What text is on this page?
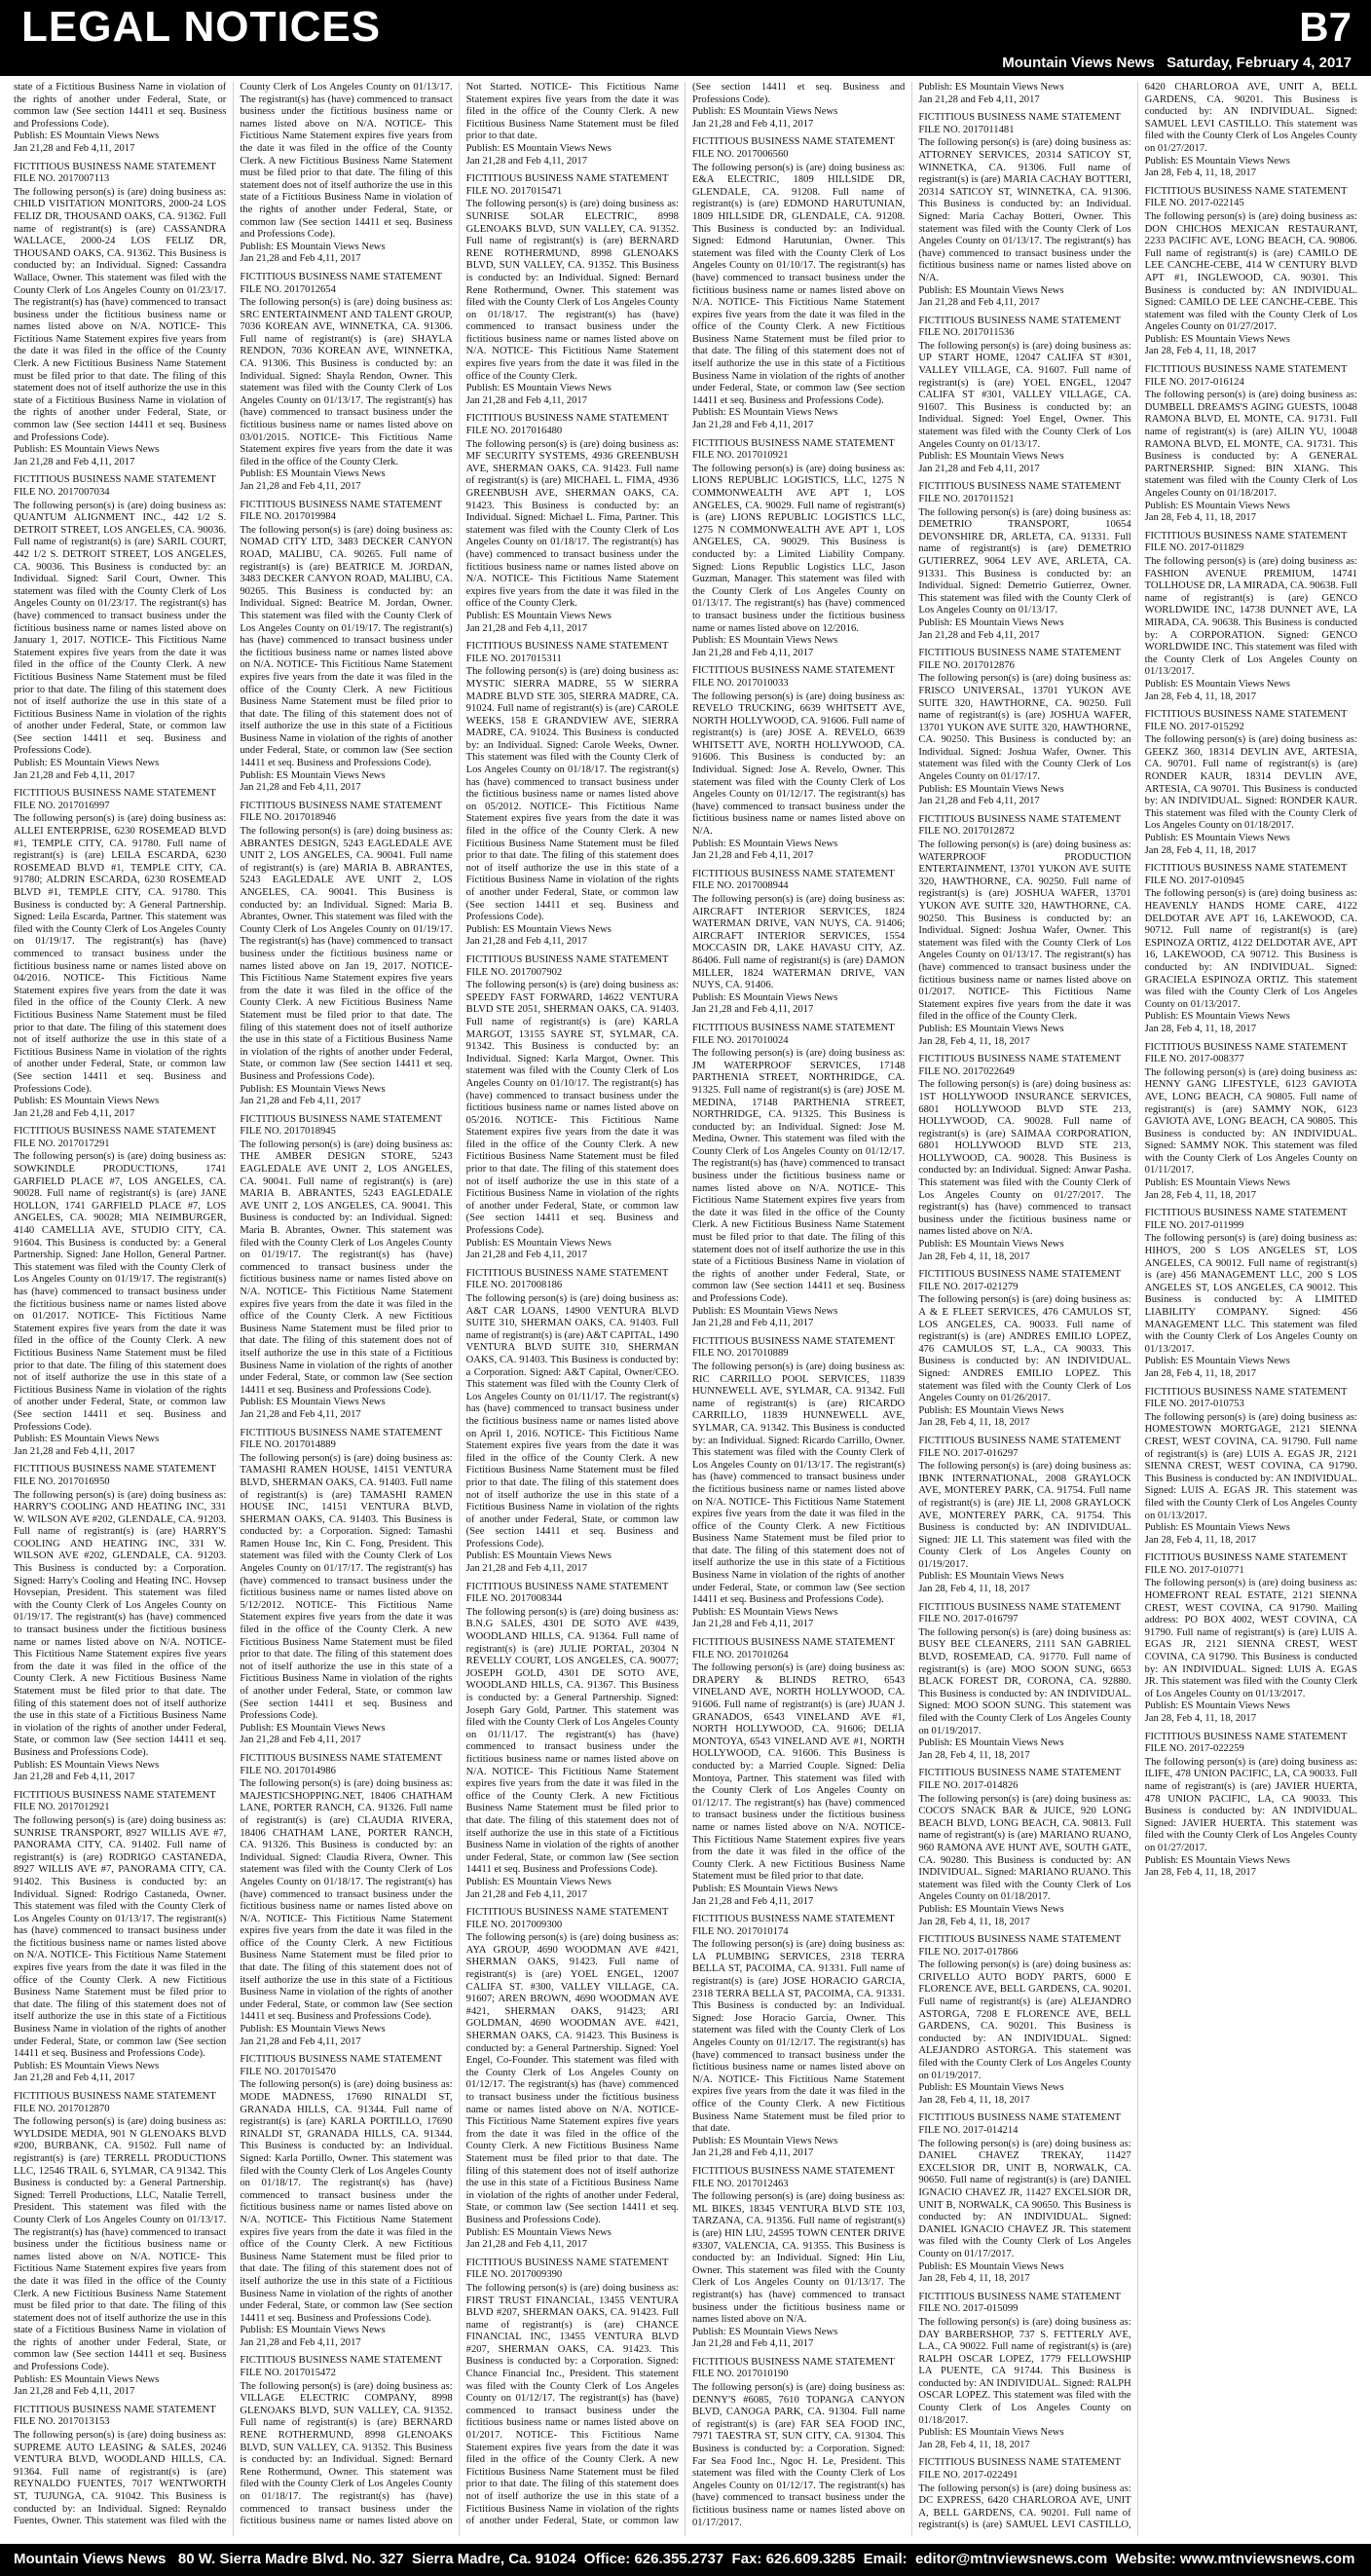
LEGAL NOTICES	B7
Mountain Views News   Saturday, February 4, 2017
state of a Fictitious Business Name in violation of the rights of another under Federal, State, or common law (See section 14411 et seq. Business and Professions Code).
Publish: ES Mountain Views News
Jan 21,28 and Feb 4,11, 2017
FICTITIOUS BUSINESS NAME STATEMENT FILE NO. 2017007113
The following person(s) is (are) doing business as: CHILD VISITATION MONITORS, 2000-24 LOS FELIZ DR, THOUSAND OAKS, CA. 91362. Full name of registrant(s) is (are) CASSANDRA WALLACE, 2000-24 LOS FELIZ DR, THOUSAND OAKS, CA. 91362. This Business is conducted by: an Individual. Signed: Cassandra Wallace, Owner. This statement was filed with the County Clerk of Los Angeles County on 01/23/17. The registrant(s) has (have) commenced to transact business under the fictitious business name or names listed above on N/A. NOTICE- This Fictitious Name Statement expires five years from the date it was filed in the office of the County Clerk. A new Fictitious Business Name Statement must be filed prior to that date. The filing of this statement does not of itself authorize the use in this state of a Fictitious Business Name in violation of the rights of another under Federal, State, or common law (See section 14411 et seq. Business and Professions Code).
Publish: ES Mountain Views News
Jan 21,28 and Feb 4,11, 2017
FICTITIOUS BUSINESS NAME STATEMENT FILE NO. 2017007034
The following person(s) is (are) doing business as: QUANTUM ALIGNMENT INC., 442 1/2 S. DETROIT STREET, LOS ANGELES, CA. 90036. Full name of registrant(s) is (are) SARIL COURT, 442 1/2 S. DETROIT STREET, LOS ANGELES, CA. 90036. This Business is conducted by: an Individual. Signed: Saril Court, Owner. This statement was filed with the County Clerk of Los Angeles County on 01/23/17. The registrant(s) has (have) commenced to transact business under the fictitious business name or names listed above on January 1, 2017. NOTICE- This Fictitious Name Statement expires five years from the date it was filed in the office of the County Clerk. A new Fictitious Business Name Statement must be filed prior to that date. The filing of this statement does not of itself authorize the use in this state of a Fictitious Business Name in violation of the rights of another under Federal, State, or common law (See section 14411 et seq. Business and Professions Code).
Publish: ES Mountain Views News
Jan 21,28 and Feb 4,11, 2017
FICTITIOUS BUSINESS NAME STATEMENT FILE NO. 2017016997
The following person(s) is (are) doing business as: ALLEI ENTERPRISE, 6230 ROSEMEAD BLVD #1, TEMPLE CITY, CA. 91780. Full name of registrant(s) is (are) LEILA ESCARDA, 6230 ROSEMEAD BLVD #1, TEMPLE CITY, CA. 91780; ALDRIN ESCARDA, 6230 ROSEMEAD BLVD #1, TEMPLE CITY, CA. 91780. This Business is conducted by: A General Partnership. Signed: Leila Escarda, Partner. This statement was filed with the County Clerk of Los Angeles County on 01/19/17. The registrant(s) has (have) commenced to transact business under the fictitious business name or names listed above on 04/2016. NOTICE- This Fictitious Name Statement expires five years from the date it was filed in the office of the County Clerk. A new Fictitious Business Name Statement must be filed prior to that date. The filing of this statement does not of itself authorize the use in this state of a Fictitious Business Name in violation of the rights of another under Federal, State, or common law (See section 14411 et seq. Business and Professions Code).
Publish: ES Mountain Views News
Jan 21,28 and Feb 4,11, 2017
FICTITIOUS BUSINESS NAME STATEMENT FILE NO. 2017017291
The following person(s) is (are) doing business as: SOWKINDLE PRODUCTIONS, 1741 GARFIELD PLACE #7, LOS ANGELES, CA. 90028. Full name of registrant(s) is (are) JANE HOLLON, 1741 GARFIELD PLACE #7, LOS ANGELES, CA. 90028; MIA NEIMBURGER, 4140 CAMELLIA AVE, STUDIO CITY, CA. 91604. This Business is conducted by: a General Partnership. Signed: Jane Hollon, General Partner. This statement was filed with the County Clerk of Los Angeles County on 01/19/17. The registrant(s) has (have) commenced to transact business under the fictitious business name or names listed above on 01/2017. NOTICE- This Fictitious Name Statement expires five years from the date it was filed in the office of the County Clerk. A new Fictitious Business Name Statement must be filed prior to that date. The filing of this statement does not of itself authorize the use in this state of a Fictitious Business Name in violation of the rights of another under Federal, State, or common law (See section 14411 et seq. Business and Professions Code).
Publish: ES Mountain Views News
Jan 21,28 and Feb 4,11, 2017
FICTITIOUS BUSINESS NAME STATEMENT FILE NO. 2017016950
The following person(s) is (are) doing business as: HARRY'S COOLING AND HEATING INC, 331 W. WILSON AVE #202, GLENDALE, CA. 91203. Full name of registrant(s) is (are) HARRY'S COOLING AND HEATING INC, 331 W. WILSON AVE #202, GLENDALE, CA. 91203. This Business is conducted by: a Corporation. Signed: Harry's Cooling and Heating INC. Hovsep Hovsepian, President. This statement was filed with the County Clerk of Los Angeles County on 01/19/17. The registrant(s) has (have) commenced to transact business under the fictitious business name or names listed above on N/A. NOTICE- This Fictitious Name Statement expires five years from the date it was filed in the office of the County Clerk. A new Fictitious Business Name Statement must be filed prior to that date. The filing of this statement does not of itself authorize the use in this state of a Fictitious Business Name in violation of the rights of another under Federal, State, or common law (See section 14411 et seq. Business and Professions Code).
Publish: ES Mountain Views News
Jan 21,28 and Feb 4,11, 2017
FICTITIOUS BUSINESS NAME STATEMENT FILE NO. 2017012921
The following person(s) is (are) doing business as: SUNRISE TRANSPORT, 8927 WILLIS AVE #7, PANORAMA CITY, CA. 91402. Full name of registrant(s) is (are) RODRIGO CASTANEDA, 8927 WILLIS AVE #7, PANORAMA CITY, CA. 91402. This Business is conducted by: an Individual. Signed: Rodrigo Castaneda, Owner. This statement was filed with the County Clerk of Los Angeles County on 01/13/17. The registrant(s) has (have) commenced to transact business under the fictitious business name or names listed above on N/A. NOTICE- This Fictitious Name Statement expires five years from the date it was filed in the office of the County Clerk. A new Fictitious Business Name Statement must be filed prior to that date. The filing of this statement does not of itself authorize the use in this state of a Fictitious Business Name in violation of the rights of another under Federal, State, or common law (See section 14411 et seq. Business and Professions Code).
Publish: ES Mountain Views News
Jan 21,28 and Feb 4,11, 2017
FICTITIOUS BUSINESS NAME STATEMENT FILE NO. 2017012870
The following person(s) is (are) doing business as: WYLDSIDE MEDIA, 901 N GLENOAKS BLVD #200, BURBANK, CA. 91502. Full name of registrant(s) is (are) TERRELL PRODUCTIONS LLC, 12546 TRAIL 6, SYLMAR, CA 91342. This Business is conducted by: a General Partnership. Signed: Terrell Productions, LLC, Natalie Terrell, President. This statement was filed with the County Clerk of Los Angeles County on 01/13/17. The registrant(s) has (have) commenced to transact business under the fictitious business name or names listed above on N/A. NOTICE- This Fictitious Name Statement expires five years from the date it was filed in the office of the County Clerk. A new Fictitious Business Name Statement must be filed prior to that date. The filing of this statement does not of itself authorize the use in this state of a Fictitious Business Name in violation of the rights of another under Federal, State, or common law (See section 14411 et seq. Business and Professions Code).
Publish: ES Mountain Views News
Jan 21,28 and Feb 4,11, 2017
FICTITIOUS BUSINESS NAME STATEMENT FILE NO. 2017013153
The following person(s) is (are) doing business as: SUPREME AUTO LEASING & SALES, 20246 VENTURA BLVD, WOODLAND HILLS, CA. 91364. Full name of registrant(s) is (are) REYNALDO FUENTES, 7017 WENTWORTH ST, TUJUNGA, CA. 91042. This Business is conducted by: an Individual. Signed: Reynaldo Fuentes, Owner. This statement was filed with the County Clerk of Los Angeles County on 01/13/17. The registrant(s) has (have) commenced to transact business under the fictitious business name or names listed above on N/A. NOTICE- This Fictitious Name Statement expires five years from the date it was filed in the office of the County Clerk. A new Fictitious Business Name Statement must be filed prior to that date. The filing of this statement does not of itself authorize the use in this state of a Fictitious Business Name in violation of the rights of another under Federal, State, or common law (See section 14411 et seq. Business and Professions Code).
Publish: ES Mountain Views News
Jan 21,28 and Feb 4,11, 2017
FICTITIOUS BUSINESS NAME STATEMENT FILE NO. 2017012654
The following person(s) is (are) doing business as: SRC ENTERTAINMENT AND TALENT GROUP, 7036 KOREAN AVE, WINNETKA, CA. 91306. Full name of registrant(s) is (are) SHAYLA RENDON, 7036 KOREAN AVE, WINNETKA, CA. 91306. This Business is conducted by: an Individual. Signed: Shayla Rendon, Owner. This statement was filed with the County Clerk of Los Angeles County on 01/13/17. The registrant(s) has (have) commenced to transact business under the fictitious business name or names listed above on 03/01/2015. NOTICE- This Fictitious Name Statement expires five years from the date it was filed in the office of the County Clerk.
Publish: ES Mountain Views News
Jan 21,28 and Feb 4,11, 2017
FICTITIOUS BUSINESS NAME STATEMENT FILE NO. 2017019984
The following person(s) is (are) doing business as: NOMAD CITY LTD, 3483 DECKER CANYON ROAD, MALIBU, CA. 90265. Full name of registrant(s) is (are) BEATRICE M. JORDAN, 3483 DECKER CANYON ROAD, MALIBU, CA. 90265. This Business is conducted by: an Individual. Signed: Beatrice M. Jordan, Owner. This statement was filed with the County Clerk of Los Angeles County on 01/19/17. The registrant(s) has (have) commenced to transact business under the fictitious business name or names listed above on N/A. NOTICE- This Fictitious Name Statement expires five years from the date it was filed in the office of the County Clerk. A new Fictitious Business Name Statement must be filed prior to that date. The filing of this statement does not of itself authorize the use in this state of a Fictitious Business Name in violation of the rights of another under Federal, State, or common law (See section 14411 et seq. Business and Professions Code).
Publish: ES Mountain Views News
Jan 21,28 and Feb 4,11, 2017
FICTITIOUS BUSINESS NAME STATEMENT FILE NO. 2017018946
The following person(s) is (are) doing business as: ABRANTES DESIGN, 5243 EAGLEDALE AVE UNIT 2, LOS ANGELES, CA. 90041. Full name of registrant(s) is (are) MARIA B. ABRANTES, 5243 EAGLEDALE AVE UNIT 2, LOS ANGELES, CA. 90041. This Business is conducted by: an Individual. Signed: Maria B. Abrantes, Owner. This statement was filed with the County Clerk of Los Angeles County on 01/19/17. The registrant(s) has (have) commenced to transact business under the fictitious business name or names listed above on Jan 19, 2017. NOTICE- This Fictitious Name Statement expires five years from the date it was filed in the office of the County Clerk. A new Fictitious Business Name Statement must be filed prior to that date. The filing of this statement does not of itself authorize the use in this state of a Fictitious Business Name in violation of the rights of another under Federal, State, or common law (See section 14411 et seq. Business and Professions Code).
Publish: ES Mountain Views News
Jan 21,28 and Feb 4,11, 2017
FICTITIOUS BUSINESS NAME STATEMENT FILE NO. 2017018945
The following person(s) is (are) doing business as: THE AMBER DESIGN STORE, 5243 EAGLEDALE AVE UNIT 2, LOS ANGELES, CA. 90041. Full name of registrant(s) is (are) MARIA B. ABRANTES, 5243 EAGLEDALE AVE UNIT 2, LOS ANGELES, CA. 90041. This Business is conducted by: an Individual. Signed: Maria B. Abrantes, Owner. This statement was filed with the County Clerk of Los Angeles County on 01/19/17. The registrant(s) has (have) commenced to transact business under the fictitious business name or names listed above on N/A. NOTICE- This Fictitious Name Statement expires five years from the date it was filed in the office of the County Clerk. A new Fictitious Business Name Statement must be filed prior to that date. The filing of this statement does not of itself authorize the use in this state of a Fictitious Business Name in violation of the rights of another under Federal, State, or common law (See section 14411 et seq. Business and Professions Code).
Publish: ES Mountain Views News
Jan 21,28 and Feb 4,11, 2017
FICTITIOUS BUSINESS NAME STATEMENT FILE NO. 2017014889
The following person(s) is (are) doing business as: TAMASHI RAMEN HOUSE, 14151 VENTURA BLVD, SHERMAN OAKS, CA. 91403. Full name of registrant(s) is (are) TAMASHI RAMEN HOUSE INC, 14151 VENTURA BLVD, SHERMAN OAKS, CA. 91403. This Business is conducted by: a Corporation. Signed: Tamashi Ramen House Inc, Kin C. Fong, President. This statement was filed with the County Clerk of Los Angeles County on 01/17/17. The registrant(s) has (have) commenced to transact business under the fictitious business name or names listed above on 5/12/2012. NOTICE- This Fictitious Name Statement expires five years from the date it was filed in the office of the County Clerk. A new Fictitious Business Name Statement must be filed prior to that date. The filing of this statement does not of itself authorize the use in this state of a Fictitious Business Name in violation of the rights of another under Federal, State, or common law (See section 14411 et seq. Business and Professions Code).
Publish: ES Mountain Views News
Jan 21,28 and Feb 4,11, 2017
FICTITIOUS BUSINESS NAME STATEMENT FILE NO. 2017014986
The following person(s) is (are) doing business as: MAJESTICSHOPPING.NET, 18406 CHATHAM LANE, PORTER RANCH, CA. 91326. Full name of registrant(s) is (are) CLAUDIA RIVERA, 18406 CHATHAM LANE, PORTER RANCH, CA. 91326. This Business is conducted by: an Individual. Signed: Claudia Rivera, Owner. This statement was filed with the County Clerk of Los Angeles County on 01/18/17. The registrant(s) has (have) commenced to transact business under the fictitious business name or names listed above on N/A. NOTICE- This Fictitious Name Statement expires five years from the date it was filed in the office of the County Clerk. A new Fictitious Business Name Statement must be filed prior to that date. The filing of this statement does not of itself authorize the use in this state of a Fictitious Business Name in violation of the rights of another under Federal, State, or common law (See section 14411 et seq. Business and Professions Code).
Publish: ES Mountain Views News
Jan 21,28 and Feb 4,11, 2017
FICTITIOUS BUSINESS NAME STATEMENT FILE NO. 2017015470
The following person(s) is (are) doing business as: MODE MADNESS, 17690 RINALDI ST, GRANADA HILLS, CA. 91344. Full name of registrant(s) is (are) KARLA PORTILLO, 17690 RINALDI ST, GRANADA HILLS, CA. 91344. This Business is conducted by: an Individual. Signed: Karla Portillo, Owner. This statement was filed with the County Clerk of Los Angeles County on 01/18/17. The registrant(s) has (have) commenced to transact business under the fictitious business name or names listed above on N/A. NOTICE- This Fictitious Name Statement expires five years from the date it was filed in the office of the County Clerk. A new Fictitious Business Name Statement must be filed prior to that date. The filing of this statement does not of itself authorize the use in this state of a Fictitious Business Name in violation of the rights of another under Federal, State, or common law (See section 14411 et seq. Business and Professions Code).
Publish: ES Mountain Views News
Jan 21,28 and Feb 4,11, 2017
FICTITIOUS BUSINESS NAME STATEMENT FILE NO. 2017015472
The following person(s) is (are) doing business as: VILLAGE ELECTRIC COMPANY, 8998 GLENOAKS BLVD, SUN VALLEY, CA. 91352. Full name of registrant(s) is (are) BERNARD RENE ROTHERMUND, 8998 GLENOAKS BLVD, SUN VALLEY, CA. 91352. This Business is conducted by: an Individual. Signed: Bernard Rene Rothermund, Owner. This statement was filed with the County Clerk of Los Angeles County on 01/18/17. The registrant(s) has (have) commenced to transact business under the fictitious business name or names listed above on Not Started. NOTICE- This Fictitious Name Statement expires five years from the date it was filed in the office of the County Clerk. A new Fictitious Business Name Statement must be filed prior to that date.
Publish: ES Mountain Views News
Jan 21,28 and Feb 4,11, 2017
FICTITIOUS BUSINESS NAME STATEMENT FILE NO. 2017015471
The following person(s) is (are) doing business as: SUNRISE SOLAR ELECTRIC, 8998 GLENOAKS BLVD, SUN VALLEY, CA. 91352. Full name of registrant(s) is (are) BERNARD RENE ROTHERMUND, 8998 GLENOAKS BLVD, SUN VALLEY, CA. 91352. This Business is conducted by: an Individual. Signed: Bernard Rene Rothermund, Owner. This statement was filed with the County Clerk of Los Angeles County on 01/18/17. The registrant(s) has (have) commenced to transact business under the fictitious business name or names listed above on N/A. NOTICE- This Fictitious Name Statement expires five years from the date it was filed in the office of the County Clerk.
Publish: ES Mountain Views News
Jan 21,28 and Feb 4,11, 2017
FICTITIOUS BUSINESS NAME STATEMENT FILE NO. 2017016480
The following person(s) is (are) doing business as: MF SECURITY SYSTEMS, 4936 GREENBUSH AVE, SHERMAN OAKS, CA. 91423. Full name of registrant(s) is (are) MICHAEL L. FIMA, 4936 GREENBUSH AVE, SHERMAN OAKS, CA. 91423. This Business is conducted by: an Individual. Signed: Michael L. Fima, Partner. This statement was filed with the County Clerk of Los Angeles County on 01/18/17. The registrant(s) has (have) commenced to transact business under the fictitious business name or names listed above on N/A. NOTICE- This Fictitious Name Statement expires five years from the date it was filed in the office of the County Clerk.
Publish: ES Mountain Views News
Jan 21,28 and Feb 4,11, 2017
FICTITIOUS BUSINESS NAME STATEMENT FILE NO. 2017015311
The following person(s) is (are) doing business as: MYSTIC SIERRA MADRE, 55 W SIERRA MADRE BLVD STE 305, SIERRA MADRE, CA. 91024. Full name of registrant(s) is (are) CAROLE WEEKS, 158 E GRANDVIEW AVE, SIERRA MADRE, CA. 91024. This Business is conducted by: an Individual. Signed: Carole Weeks, Owner. This statement was filed with the County Clerk of Los Angeles County on 01/18/17. The registrant(s) has (have) commenced to transact business under the fictitious business name or names listed above on 05/2012. NOTICE- This Fictitious Name Statement expires five years from the date it was filed in the office of the County Clerk. A new Fictitious Business Name Statement must be filed prior to that date. The filing of this statement does not of itself authorize the use in this state of a Fictitious Business Name in violation of the rights of another under Federal, State, or common law (See section 14411 et seq. Business and Professions Code).
Publish: ES Mountain Views News
Jan 21,28 and Feb 4,11, 2017
FICTITIOUS BUSINESS NAME STATEMENT FILE NO. 2017007902
The following person(s) is (are) doing business as: SPEEDY FAST FORWARD, 14622 VENTURA BLVD STE 2051, SHERMAN OAKS, CA. 91403. Full name of registrant(s) is (are) KARLA MARGOT, 13155 SAYRE ST, SYLMAR, CA. 91342. This Business is conducted by: an Individual. Signed: Karla Margot, Owner. This statement was filed with the County Clerk of Los Angeles County on 01/10/17. The registrant(s) has (have) commenced to transact business under the fictitious business name or names listed above on 05/2016. NOTICE- This Fictitious Name Statement expires five years from the date it was filed in the office of the County Clerk. A new Fictitious Business Name Statement must be filed prior to that date. The filing of this statement does not of itself authorize the use in this state of a Fictitious Business Name in violation of the rights of another under Federal, State, or common law (See section 14411 et seq. Business and Professions Code).
Publish: ES Mountain Views News
Jan 21,28 and Feb 4,11, 2017
FICTITIOUS BUSINESS NAME STATEMENT FILE NO. 2017008186
The following person(s) is (are) doing business as: A&T CAR LOANS, 14900 VENTURA BLVD SUITE 310, SHERMAN OAKS, CA. 91403. Full name of registrant(s) is (are) A&T CAPITAL, 1490 VENTURA BLVD SUITE 310, SHERMAN OAKS, CA. 91403. This Business is conducted by: a Corporation. Signed: A&T Capital, Owner/CEO. This statement was filed with the County Clerk of Los Angeles County on 01/11/17. The registrant(s) has (have) commenced to transact business under the fictitious business name or names listed above on April 1, 2016. NOTICE- This Fictitious Name Statement expires five years from the date it was filed in the office of the County Clerk. A new Fictitious Business Name Statement must be filed prior to that date. The filing of this statement does not of itself authorize the use in this state of a Fictitious Business Name in violation of the rights of another under Federal, State, or common law (See section 14411 et seq. Business and Professions Code).
Publish: ES Mountain Views News
Jan 21,28 and Feb 4,11, 2017
FICTITIOUS BUSINESS NAME STATEMENT FILE NO. 2017008344
The following person(s) is (are) doing business as: B.N.G SALES, 4301 DE SOTO AVE #439, WOODLAND HILLS, CA. 91364. Full name of registrant(s) is (are) JULIE PORTAL, 20304 N REVELLY COURT, LOS ANGELES, CA. 90077; JOSEPH GOLD, 4301 DE SOTO AVE, WOODLAND HILLS, CA. 91367. This Business is conducted by: a General Partnership. Signed: Joseph Gary Gold, Partner. This statement was filed with the County Clerk of Los Angeles County on 01/11/17. The registrant(s) has (have) commenced to transact business under the fictitious business name or names listed above on N/A. NOTICE- This Fictitious Name Statement expires five years from the date it was filed in the office of the County Clerk. A new Fictitious Business Name Statement must be filed prior to that date. The filing of this statement does not of itself authorize the use in this state of a Fictitious Business Name in violation of the rights of another under Federal, State, or common law (See section 14411 et seq. Business and Professions Code).
Publish: ES Mountain Views News
Jan 21,28 and Feb 4,11, 2017
FICTITIOUS BUSINESS NAME STATEMENT FILE NO. 2017009300
The following person(s) is (are) doing business as: AYA GROUP, 4690 WOODMAN AVE #421, SHERMAN OAKS, 91423. Full name of registrant(s) is (are) YOEL ENGEL, 12007 CALIFA ST. #300, VALLEY VILLAGE, CA. 91607; AREN BROWN, 4690 WOODMAN AVE #421, SHERMAN OAKS, 91423; ARI GOLDMAN, 4690 WOODMAN AVE. #421, SHERMAN OAKS, CA. 91423. This Business is conducted by: a General Partnership. Signed: Yoel Engel, Co-Founder. This statement was filed with the County Clerk of Los Angeles County on 01/12/17. The registrant(s) has (have) commenced to transact business under the fictitious business name or names listed above on N/A. NOTICE- This Fictitious Name Statement expires five years from the date it was filed in the office of the County Clerk. A new Fictitious Business Name Statement must be filed prior to that date. The filing of this statement does not of itself authorize the use in this state of a Fictitious Business Name in violation of the rights of another under Federal, State, or common law (See section 14411 et seq. Business and Professions Code).
Publish: ES Mountain Views News
Jan 21,28 and Feb 4,11, 2017
FICTITIOUS BUSINESS NAME STATEMENT FILE NO. 2017009390
The following person(s) is (are) doing business as: FIRST TRUST FINANCIAL, 13455 VENTURA BLVD #207, SHERMAN OAKS, CA. 91423. Full name of registrant(s) is (are) CHANCE FINANCIAL INC, 13455 VENTURA BLVD #207, SHERMAN OAKS, CA. 91423. This Business is conducted by: a Corporation. Signed: Chance Financial Inc., President. This statement was filed with the County Clerk of Los Angeles County on 01/12/17. The registrant(s) has (have) commenced to transact business under the fictitious business name or names listed above on 01/2017. NOTICE- This Fictitious Name Statement expires five years from the date it was filed in the office of the County Clerk. A new Fictitious Business Name Statement must be filed prior to that date. The filing of this statement does not of itself authorize the use in this state of a Fictitious Business Name in violation of the rights of another under Federal, State, or common law (See section 14411 et seq. Business and Professions Code).
Publish: ES Mountain Views News
Jan 21,28 and Feb 4,11, 2017
FICTITIOUS BUSINESS NAME STATEMENT FILE NO. 2017006560
The following person(s) is (are) doing business as: E&A ELECTRIC, 1809 HILLSIDE DR, GLENDALE, CA. 91208. Full name of registrant(s) is (are) EDMOND HARUTUNIAN, 1809 HILLSIDE DR, GLENDALE, CA. 91208. This Business is conducted by: an Individual. Signed: Edmond Harutunian, Owner. This statement was filed with the County Clerk of Los Angeles County on 01/10/17. The registrant(s) has (have) commenced to transact business under the fictitious business name or names listed above on N/A. NOTICE- This Fictitious Name Statement expires five years from the date it was filed in the office of the County Clerk. A new Fictitious Business Name Statement must be filed prior to that date. The filing of this statement does not of itself authorize the use in this state of a Fictitious Business Name in violation of the rights of another under Federal, State, or common law (See section 14411 et seq. Business and Professions Code).
Publish: ES Mountain Views News
Jan 21,28 and Feb 4,11, 2017
FICTITIOUS BUSINESS NAME STATEMENT FILE NO. 2017010921
The following person(s) is (are) doing business as: LIONS REPUBLIC LOGISTICS, LLC, 1275 N COMMONWEALTH AVE APT 1, LOS ANGELES, CA. 90029. Full name of registrant(s) is (are) LIONS REPUBLIC LOGISTICS LLC, 1275 N COMMONWEALTH AVE APT 1, LOS ANGELES, CA. 90029. This Business is conducted by: a Limited Liability Company. Signed: Lions Republic Logistics LLC, Jason Guzman, Manager. This statement was filed with the County Clerk of Los Angeles County on 01/13/17. The registrant(s) has (have) commenced to transact business under the fictitious business name or names listed above on 12/2016.
Publish: ES Mountain Views News
Jan 21,28 and Feb 4,11, 2017
FICTITIOUS BUSINESS NAME STATEMENT FILE NO. 2017010033
The following person(s) is (are) doing business as: REVELO TRUCKING, 6639 WHITSETT AVE, NORTH HOLLYWOOD, CA. 91606. Full name of registrant(s) is (are) JOSE A. REVELO, 6639 WHITSETT AVE, NORTH HOLLYWOOD, CA. 91606. This Business is conducted by: an Individual. Signed: Jose A. Revelo, Owner. This statement was filed with the County Clerk of Los Angeles County on 01/12/17. The registrant(s) has (have) commenced to transact business under the fictitious business name or names listed above on N/A.
Publish: ES Mountain Views News
Jan 21,28 and Feb 4,11, 2017
FICTITIOUS BUSINESS NAME STATEMENT FILE NO. 2017008944
The following person(s) is (are) doing business as: AIRCRAFT INTERIOR SERVICES, 1824 WATERMAN DRIVE, VAN NUYS, CA. 91406; AIRCRAFT INTERIOR SERVICES, 1554 MOCCASIN DR, LAKE HAVASU CITY, AZ. 86406. Full name of registrant(s) is (are) DAMON MILLER, 1824 WATERMAN DRIVE, VAN NUYS, CA. 91406.
Publish: ES Mountain Views News
Jan 21,28 and Feb 4,11, 2017
FICTITIOUS BUSINESS NAME STATEMENT FILE NO. 2017010024
The following person(s) is (are) doing business as: JM WATERPROOF SERVICES, 17148 PARTHENIA STREET, NORTHRIDGE, CA. 91325. Full name of registrant(s) is (are) JOSE M. MEDINA, 17148 PARTHENIA STREET, NORTHRIDGE, CA. 91325. This Business is conducted by: an Individual. Signed: Jose M. Medina, Owner. This statement was filed with the County Clerk of Los Angeles County on 01/12/17. The registrant(s) has (have) commenced to transact business under the fictitious business name or names listed above on N/A. NOTICE- This Fictitious Name Statement expires five years from the date it was filed in the office of the County Clerk. A new Fictitious Business Name Statement must be filed prior to that date. The filing of this statement does not of itself authorize the use in this state of a Fictitious Business Name in violation of the rights of another under Federal, State, or common law (See section 14411 et seq. Business and Professions Code).
Publish: ES Mountain Views News
Jan 21,28 and Feb 4,11, 2017
FICTITIOUS BUSINESS NAME STATEMENT FILE NO. 2017010889
The following person(s) is (are) doing business as: RIC CARRILLO POOL SERVICES, 11839 HUNNEWELL AVE, SYLMAR, CA. 91342. Full name of registrant(s) is (are) RICARDO CARRILLO, 11839 HUNNEWELL AVE, SYLMAR, CA. 91342. This Business is conducted by: an Individual. Signed: Ricardo Carrillo, Owner. This statement was filed with the County Clerk of Los Angeles County on 01/13/17. The registrant(s) has (have) commenced to transact business under the fictitious business name or names listed above on N/A. NOTICE- This Fictitious Name Statement expires five years from the date it was filed in the office of the County Clerk. A new Fictitious Business Name Statement must be filed prior to that date. The filing of this statement does not of itself authorize the use in this state of a Fictitious Business Name in violation of the rights of another under Federal, State, or common law (See section 14411 et seq. Business and Professions Code).
Publish: ES Mountain Views News
Jan 21,28 and Feb 4,11, 2017
FICTITIOUS BUSINESS NAME STATEMENT FILE NO. 2017010264
The following person(s) is (are) doing business as: DRAPERY & BLINDS RETRO, 6543 VINELAND AVE, NORTH HOLLYWOOD, CA. 91606. Full name of registrant(s) is (are) JUAN J. GRANADOS, 6543 VINELAND AVE #1, NORTH HOLLYWOOD, CA. 91606; DELIA MONTOYA, 6543 VINELAND AVE #1, NORTH HOLLYWOOD, CA. 91606. This Business is conducted by: a Married Couple. Signed: Delia Montoya, Partner. This statement was filed with the County Clerk of Los Angeles County on 01/12/17. The registrant(s) has (have) commenced to transact business under the fictitious business name or names listed above on N/A. NOTICE- This Fictitious Name Statement expires five years from the date it was filed in the office of the County Clerk. A new Fictitious Business Name Statement must be filed prior to that date.
Publish: ES Mountain Views News
Jan 21,28 and Feb 4,11, 2017
FICTITIOUS BUSINESS NAME STATEMENT FILE NO. 2017010174
The following person(s) is (are) doing business as: LA PLUMBING SERVICES, 2318 TERRA BELLA ST, PACOIMA, CA. 91331. Full name of registrant(s) is (are) JOSE HORACIO GARCIA, 2318 TERRA BELLA ST, PACOIMA, CA. 91331. This Business is conducted by: an Individual. Signed: Jose Horacio Garcia, Owner. This statement was filed with the County Clerk of Los Angeles County on 01/12/17. The registrant(s) has (have) commenced to transact business under the fictitious business name or names listed above on N/A. NOTICE- This Fictitious Name Statement expires five years from the date it was filed in the office of the County Clerk. A new Fictitious Business Name Statement must be filed prior to that date.
Publish: ES Mountain Views News
Jan 21,28 and Feb 4,11, 2017
FICTITIOUS BUSINESS NAME STATEMENT FILE NO. 2017012463
The following person(s) is (are) doing business as: ML BIKES, 18345 VENTURA BLVD STE 103, TARZANA, CA. 91356. Full name of registrant(s) is (are) HIN LIU, 24595 TOWN CENTER DRIVE #3307, VALENCIA, CA. 91355. This Business is conducted by: an Individual. Signed: Hin Liu, Owner. This statement was filed with the County Clerk of Los Angeles County on 01/13/17. The registrant(s) has (have) commenced to transact business under the fictitious business name or names listed above on N/A.
Publish: ES Mountain Views News
Jan 21,28 and Feb 4,11, 2017
FICTITIOUS BUSINESS NAME STATEMENT FILE NO. 2017010190
The following person(s) is (are) doing business as: DENNY'S #6085, 7610 TOPANGA CANYON BLVD, CANOGA PARK, CA. 91304. Full name of registrant(s) is (are) FAR SEA FOOD INC, 7971 TAESTRA ST, SUN CITY, CA. 91304. This Business is conducted by: a Corporation. Signed: Far Sea Food Inc., Ngoc H. Le, President. This statement was filed with the County Clerk of Los Angeles County on 01/12/17. The registrant(s) has (have) commenced to transact business under the fictitious business name or names listed above on 01/17/2017.
Publish: ES Mountain Views News
Jan 21,28 and Feb 4,11, 2017
FICTITIOUS BUSINESS NAME STATEMENT FILE NO. 2017011481
The following person(s) is (are) doing business as: ATTORNEY SERVICES, 20314 SATICOY ST, WINNETKA, CA. 91306. Full name of registrant(s) is (are) MARIA CACHAY BOTTERI, 20314 SATICOY ST, WINNETKA, CA. 91306. This Business is conducted by: an Individual. Signed: Maria Cachay Botteri, Owner. This statement was filed with the County Clerk of Los Angeles County on 01/13/17. The registrant(s) has (have) commenced to transact business under the fictitious business name or names listed above on N/A.
Publish: ES Mountain Views News
Jan 21,28 and Feb 4,11, 2017
FICTITIOUS BUSINESS NAME STATEMENT FILE NO. 2017011536
The following person(s) is (are) doing business as: UP START HOME, 12047 CALIFA ST #301, VALLEY VILLAGE, CA. 91607. Full name of registrant(s) is (are) YOEL ENGEL, 12047 CALIFA ST #301, VALLEY VILLAGE, CA. 91607. This Business is conducted by: an Individual. Signed: Yoel Engel, Owner. This statement was filed with the County Clerk of Los Angeles County on 01/13/17.
Publish: ES Mountain Views News
Jan 21,28 and Feb 4,11, 2017
FICTITIOUS BUSINESS NAME STATEMENT FILE NO. 2017011521
The following person(s) is (are) doing business as: DEMETRIO TRANSPORT, 10654 DEVONSHIRE DR, ARLETA, CA. 91331. Full name of registrant(s) is (are) DEMETRIO GUTIERREZ, 9064 LEV AVE, ARLETA, CA. 91331. This Business is conducted by: an Individual. Signed: Demetrio Gutierrez, Owner. This statement was filed with the County Clerk of Los Angeles County on 01/13/17.
Publish: ES Mountain Views News
Jan 21,28 and Feb 4,11, 2017
FICTITIOUS BUSINESS NAME STATEMENT FILE NO. 2017012876
The following person(s) is (are) doing business as: FRISCO UNIVERSAL, 13701 YUKON AVE SUITE 320, HAWTHORNE, CA. 90250. Full name of registrant(s) is (are) JOSHUA WAFER, 13701 YUKON AVE SUITE 320, HAWTHORNE, CA. 90250. This Business is conducted by: an Individual. Signed: Joshua Wafer, Owner. This statement was filed with the County Clerk of Los Angeles County on 01/17/17.
Publish: ES Mountain Views News
Jan 21,28 and Feb 4,11, 2017
FICTITIOUS BUSINESS NAME STATEMENT FILE NO. 2017012872
The following person(s) is (are) doing business as: WATERPROOF PRODUCTION ENTERTAINMENT, 13701 YUKON AVE SUITE 320, HAWTHORNE, CA. 90250. Full name of registrant(s) is (are) JOSHUA WAFER, 13701 YUKON AVE SUITE 320, HAWTHORNE, CA. 90250. This Business is conducted by: an Individual. Signed: Joshua Wafer, Owner. This statement was filed with the County Clerk of Los Angeles County on 01/13/17. The registrant(s) has (have) commenced to transact business under the fictitious business name or names listed above on 01/2017. NOTICE- This Fictitious Name Statement expires five years from the date it was filed in the office of the County Clerk.
Publish: ES Mountain Views News
Jan 28, Feb 4, 11, 18, 2017
FICTITIOUS BUSINESS NAME STATEMENT FILE NO. 2017022649
The following person(s) is (are) doing business as: 1ST HOLLYWOOD INSURANCE SERVICES, 6801 HOLLYWOOD BLVD STE 213, HOLLYWOOD, CA. 90028. Full name of registrant(s) is (are) SAIMAA CORPORATION, 6801 HOLLYWOOD BLVD STE 213, HOLLYWOOD, CA. 90028. This Business is conducted by: an Individual. Signed: Anwar Pasha. This statement was filed with the County Clerk of Los Angeles County on 01/27/2017. The registrant(s) has (have) commenced to transact business under the fictitious business name or names listed above on N/A.
Publish: ES Mountain Views News
Jan 28, Feb 4, 11, 18, 2017
FICTITIOUS BUSINESS NAME STATEMENT FILE NO. 2017-021279
The following person(s) is (are) doing business as: A & E FLEET SERVICES, 476 CAMULOS ST, LOS ANGELES, CA. 90033. Full name of registrant(s) is (are) ANDRES EMILIO LOPEZ, 476 CAMULOS ST, L.A., CA 90033. This Business is conducted by: AN INDIVIDUAL. Signed: ANDRES EMILIO LOPEZ. This statement was filed with the County Clerk of Los Angeles County on 01/26/2017.
Publish: ES Mountain Views News
Jan 28, Feb 4, 11, 18, 2017
FICTITIOUS BUSINESS NAME STATEMENT FILE NO. 2017-016297
The following person(s) is (are) doing business as: IBNK INTERNATIONAL, 2008 GRAYLOCK AVE, MONTEREY PARK, CA. 91754. Full name of registrant(s) is (are) JIE LI, 2008 GRAYLOCK AVE, MONTEREY PARK, CA. 91754. This Business is conducted by: AN INDIVIDUAL. Signed: JIE LI. This statement was filed with the County Clerk of Los Angeles County on 01/19/2017.
Publish: ES Mountain Views News
Jan 28, Feb 4, 11, 18, 2017
FICTITIOUS BUSINESS NAME STATEMENT FILE NO. 2017-016797
The following person(s) is (are) doing business as: BUSY BEE CLEANERS, 2111 SAN GABRIEL BLVD, ROSEMEAD, CA. 91770. Full name of registrant(s) is (are) MOO SOON SUNG, 6653 BLACK FOREST DR, CORONA, CA. 92880. This Business is conducted by: AN INDIVIDUAL. Signed: MOO SOON SUNG. This statement was filed with the County Clerk of Los Angeles County on 01/19/2017.
Publish: ES Mountain Views News
Jan 28, Feb 4, 11, 18, 2017
FICTITIOUS BUSINESS NAME STATEMENT FILE NO. 2017-014826
The following person(s) is (are) doing business as: COCO'S SNACK BAR & JUICE, 920 LONG BEACH BLVD, LONG BEACH, CA. 90813. Full name of registrant(s) is (are) MARIANO RUANO, 960 RAMONA AVE HUNT AVE, SOUTH GATE, CA. 90280. This Business is conducted by: AN INDIVIDUAL. Signed: MARIANO RUANO. This statement was filed with the County Clerk of Los Angeles County on 01/18/2017.
Publish: ES Mountain Views News
Jan 28, Feb 4, 11, 18, 2017
FICTITIOUS BUSINESS NAME STATEMENT FILE NO. 2017-017866
The following person(s) is (are) doing business as: CRIVELLO AUTO BODY PARTS, 6000 E FLORENCE AVE, BELL GARDENS, CA. 90201. Full name of registrant(s) is (are) ALEJANDRO ASTORGA, 7208 E FLORENCE AVE, BELL GARDENS, CA. 90201. This Business is conducted by: AN INDIVIDUAL. Signed: ALEJANDRO ASTORGA. This statement was filed with the County Clerk of Los Angeles County on 01/19/2017.
Publish: ES Mountain Views News
Jan 28, Feb 4, 11, 18, 2017
FICTITIOUS BUSINESS NAME STATEMENT FILE NO. 2017-014214
The following person(s) is (are) doing business as: DANIEL CHAVEZ TREKAY, 11427 EXCELSIOR DR, UNIT B, NORWALK, CA. 90650. Full name of registrant(s) is (are) DANIEL IGNACIO CHAVEZ JR, 11427 EXCELSIOR DR, UNIT B, NORWALK, CA 90650. This Business is conducted by: AN INDIVIDUAL. Signed: DANIEL IGNACIO CHAVEZ JR. This statement was filed with the County Clerk of Los Angeles County on 01/17/2017.
Publish: ES Mountain Views News
Jan 28, Feb 4, 11, 18, 2017
FICTITIOUS BUSINESS NAME STATEMENT FILE NO. 2017-015099
The following person(s) is (are) doing business as: DAY BARBERSHOP, 737 S. FETTERLY AVE, L.A., CA 90022. Full name of registrant(s) is (are) RALPH OSCAR LOPEZ, 1779 FELLOWSHIP LA PUENTE, CA 91744. This Business is conducted by: AN INDIVIDUAL. Signed: RALPH OSCAR LOPEZ. This statement was filed with the County Clerk of Los Angeles County on 01/18/2017.
Publish: ES Mountain Views News
Jan 28, Feb 4, 11, 18, 2017
FICTITIOUS BUSINESS NAME STATEMENT FILE NO. 2017-022491
The following person(s) is (are) doing business as: DC EXPRESS, 6420 CHARLOROA AVE, UNIT A, BELL GARDENS, CA. 90201. Full name of registrant(s) is (are) SAMUEL LEVI CASTILLO, 6420 CHARLOROA AVE, UNIT A, BELL GARDENS, CA. 90201. This Business is conducted by: AN INDIVIDUAL. Signed: SAMUEL LEVI CASTILLO. This statement was filed with the County Clerk of Los Angeles County on 01/27/2017.
Publish: ES Mountain Views News
Jan 28, Feb 4, 11, 18, 2017
FICTITIOUS BUSINESS NAME STATEMENT FILE NO. 2017-022145
The following person(s) is (are) doing business as: DON CHICHOS MEXICAN RESTAURANT, 2233 PACIFIC AVE, LONG BEACH, CA. 90806. Full name of registrant(s) is (are) CAMILO DE LEE CANCHE-CEBE, 414 W CENTURY BLVD APT #1, INGLEWOOD, CA. 90301. This Business is conducted by: AN INDIVIDUAL. Signed: CAMILO DE LEE CANCHE-CEBE. This statement was filed with the County Clerk of Los Angeles County on 01/27/2017.
Publish: ES Mountain Views News
Jan 28, Feb 4, 11, 18, 2017
FICTITIOUS BUSINESS NAME STATEMENT FILE NO. 2017-016124
The following person(s) is (are) doing business as: DUMBELL DREAMS'S AGING GUESTS, 10048 RAMONA BLVD, EL MONTE, CA. 91731. Full name of registrant(s) is (are) AILIN YU, 10048 RAMONA BLVD, EL MONTE, CA. 91731. This Business is conducted by: A GENERAL PARTNERSHIP. Signed: BIN XIANG. This statement was filed with the County Clerk of Los Angeles County on 01/18/2017.
Publish: ES Mountain Views News
Jan 28, Feb 4, 11, 18, 2017
FICTITIOUS BUSINESS NAME STATEMENT FILE NO. 2017-011829
The following person(s) is (are) doing business as: FASHION AVENUE PREMIUM, 14741 TOLLHOUSE DR, LA MIRADA, CA. 90638. Full name of registrant(s) is (are) GENCO WORLDWIDE INC, 14738 DUNNET AVE, LA MIRADA, CA. 90638. This Business is conducted by: A CORPORATION. Signed: GENCO WORLDWIDE INC. This statement was filed with the County Clerk of Los Angeles County on 01/13/2017.
Publish: ES Mountain Views News
Jan 28, Feb 4, 11, 18, 2017
FICTITIOUS BUSINESS NAME STATEMENT FILE NO. 2017-015292
The following person(s) is (are) doing business as: GEEKZ 360, 18314 DEVLIN AVE, ARTESIA, CA. 90701. Full name of registrant(s) is (are) RONDER KAUR, 18314 DEVLIN AVE, ARTESIA, CA 90701. This Business is conducted by: AN INDIVIDUAL. Signed: RONDER KAUR. This statement was filed with the County Clerk of Los Angeles County on 01/18/2017.
Publish: ES Mountain Views News
Jan 28, Feb 4, 11, 18, 2017
FICTITIOUS BUSINESS NAME STATEMENT FILE NO. 2017-010945
The following person(s) is (are) doing business as: HEAVENLY HANDS HOME CARE, 4122 DELDOTAR AVE APT 16, LAKEWOOD, CA. 90712. Full name of registrant(s) is (are) ESPINOZA ORTIZ, 4122 DELDOTAR AVE, APT 16, LAKEWOOD, CA 90712. This Business is conducted by: AN INDIVIDUAL. Signed: GRACIELA ESPINOZA ORTIZ. This statement was filed with the County Clerk of Los Angeles County on 01/13/2017.
Publish: ES Mountain Views News
Jan 28, Feb 4, 11, 18, 2017
FICTITIOUS BUSINESS NAME STATEMENT FILE NO. 2017-008377
The following person(s) is (are) doing business as: HENNY GANG LIFESTYLE, 6123 GAVIOTA AVE, LONG BEACH, CA 90805. Full name of registrant(s) is (are) SAMMY NOK, 6123 GAVIOTA AVE, LONG BEACH, CA 90805. This Business is conducted by: AN INDIVIDUAL. Signed: SAMMY NOK. This statement was filed with the County Clerk of Los Angeles County on 01/11/2017.
Publish: ES Mountain Views News
Jan 28, Feb 4, 11, 18, 2017
FICTITIOUS BUSINESS NAME STATEMENT FILE NO. 2017-011999
The following person(s) is (are) doing business as: HIHO'S, 200 S LOS ANGELES ST, LOS ANGELES, CA 90012. Full name of registrant(s) is (are) 456 MANAGEMENT LLC, 200 S LOS ANGELES ST, LOS ANGELES, CA 90012. This Business is conducted by: A LIMITED LIABILITY COMPANY. Signed: 456 MANAGEMENT LLC. This statement was filed with the County Clerk of Los Angeles County on 01/13/2017.
Publish: ES Mountain Views News
Jan 28, Feb 4, 11, 18, 2017
FICTITIOUS BUSINESS NAME STATEMENT FILE NO. 2017-010753
The following person(s) is (are) doing business as: HOMESTOWN MORTGAGE, 2121 SIENNA CREST, WEST COVINA, CA. 91790. Full name of registrant(s) is (are) LUIS A. EGAS JR, 2121 SIENNA CREST, WEST COVINA, CA 91790. This Business is conducted by: AN INDIVIDUAL. Signed: LUIS A. EGAS JR. This statement was filed with the County Clerk of Los Angeles County on 01/13/2017.
Publish: ES Mountain Views News
Jan 28, Feb 4, 11, 18, 2017
FICTITIOUS BUSINESS NAME STATEMENT FILE NO. 2017-010771
The following person(s) is (are) doing business as: HOMEFRONT REAL ESTATE, 2121 SIENNA CREST, WEST COVINA, CA 91790. Mailing address: PO BOX 4002, WEST COVINA, CA 91790. Full name of registrant(s) is (are) LUIS A. EGAS JR, 2121 SIENNA CREST, WEST COVINA, CA 91790. This Business is conducted by: AN INDIVIDUAL. Signed: LUIS A. EGAS JR. This statement was filed with the County Clerk of Los Angeles County on 01/13/2017.
Publish: ES Mountain Views News
Jan 28, Feb 4, 11, 18, 2017
FICTITIOUS BUSINESS NAME STATEMENT FILE NO. 2017-022259
The following person(s) is (are) doing business as: ILIFE, 478 UNION PACIFIC, LA, CA 90033. Full name of registrant(s) is (are) JAVIER HUERTA, 478 UNION PACIFIC, LA, CA 90033. This Business is conducted by: AN INDIVIDUAL. Signed: JAVIER HUERTA. This statement was filed with the County Clerk of Los Angeles County on 01/27/2017.
Publish: ES Mountain Views News
Jan 28, Feb 4, 11, 18, 2017
Mountain Views News   80 W. Sierra Madre Blvd. No. 327  Sierra Madre, Ca. 91024  Office: 626.355.2737  Fax: 626.609.3285  Email:  editor@mtnviewsnews.com  Website: www.mtnviewsnews.com
